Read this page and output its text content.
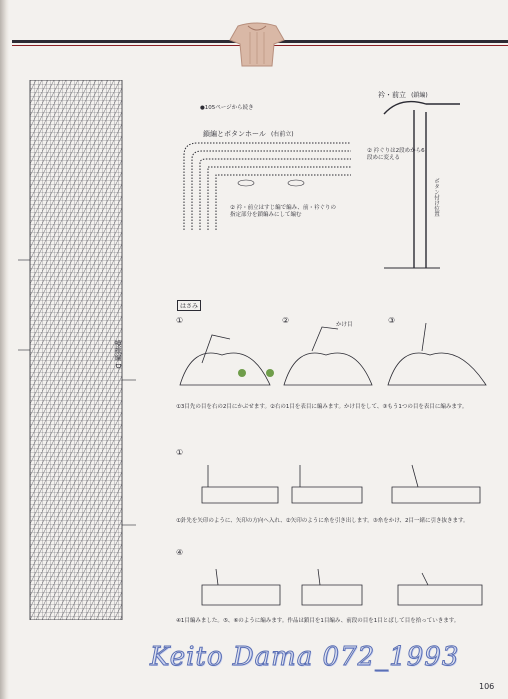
模様編 D
●105ページから続き
鎖編とボタンホール (右前立)
② 衿・前立はすじ編で編み、前・衿ぐりの指定部分を鎖編みにして編む
衿・前立 (鎖編)
② 衿ぐりは2段めから6段めに変える
ボタン付け位置
はさみ
①	②	③
かけ目
①3目先の目を右の2目にかぶせます。②右の1目を表目に編みます。かけ目をして、③もう1つの目を表目に編みます。
①
①針先を矢印のように、矢印の方向へ入れ、②矢印のように糸を引き出します。③糸をかけ、2目一緒に引き抜きます。
④
④1目編みました。⑤、⑥のように編みます。作品は鎖目を1目編み、前段の目を1目とばして目を拾っていきます。
Keito Dama 072_1993
106
